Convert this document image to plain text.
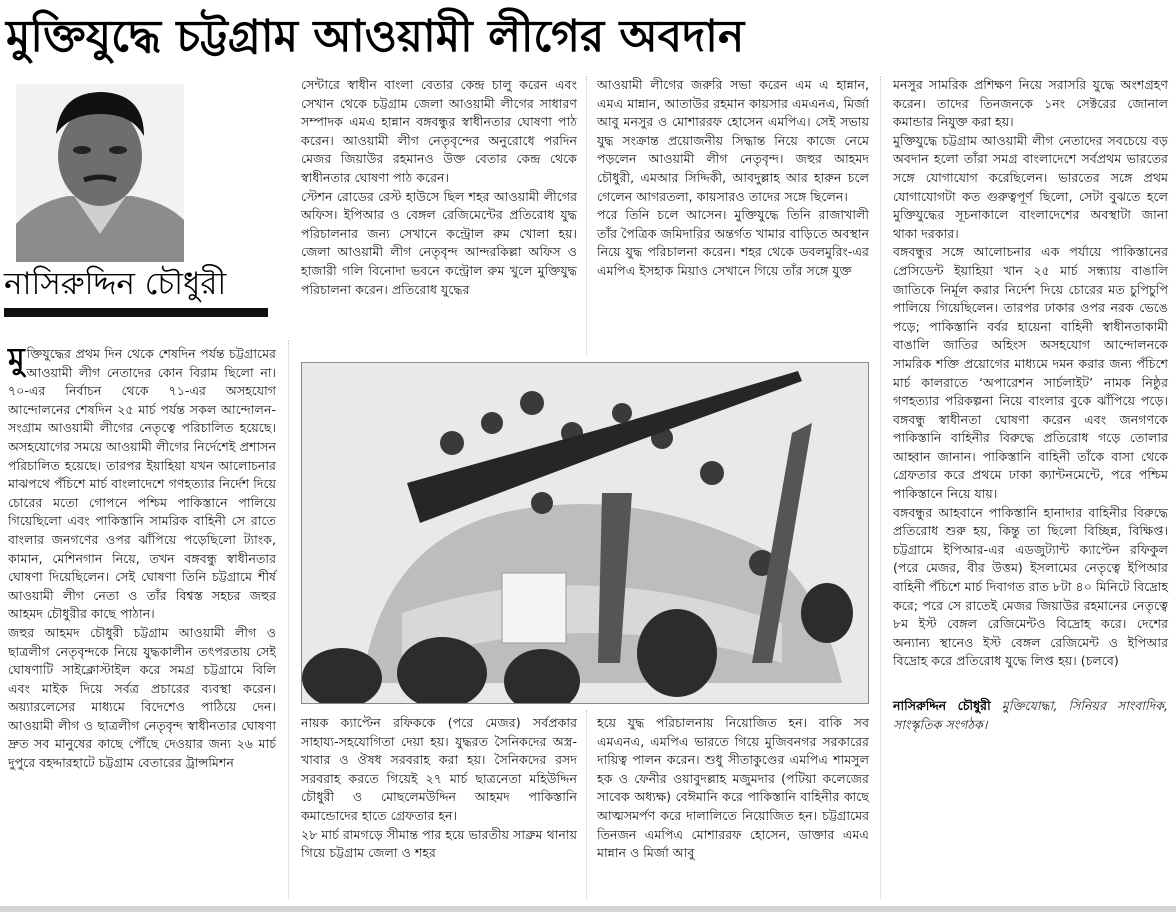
মুক্তিযুদ্ধে চট্টগ্রাম আওয়ামী লীগের অবদান
নাসিরুদ্দিন চৌধুরী

মুক্তিযুদ্ধের প্রথম দিন থেকে শেষদিন পর্যন্ত চট্টগ্রামের আওয়ামী লীগ নেতাদের কোন বিরাম ছিলো না। ৭০-এর নির্বাচন থেকে ৭১-এর অসহযোগ আন্দোলনের শেষদিন ২৫ মার্চ পর্যন্ত সকল আন্দোলন-সংগ্রাম আওয়ামী লীগের নেতৃত্বে পরিচালিত হয়েছে। অসহযোগের সময়ে আওয়ামী লীগের নির্দেশেই প্রশাসন পরিচালিত হয়েছে। তারপর ইয়াহিয়া যখন আলোচনার মাঝপথে পঁচিশে মার্চ বাংলাদেশে গণহত্যার নির্দেশ দিয়ে চোরের মতো গোপনে পশ্চিম পাকিস্তানে পালিয়ে গিয়েছিলো এবং পাকিস্তানি সামরিক বাহিনী সে রাতে বাংলার জনগণের ওপর ঝাঁপিয়ে পড়েছিলো ট্যাংক, কামান, মেশিনগান নিয়ে, তখন বঙ্গবন্ধু স্বাধীনতার ঘোষণা দিয়েছিলেন। সেই ঘোষণা তিনি চট্টগ্রামে শীর্ষ আওয়ামী লীগ নেতা ও তাঁর বিশ্বস্ত সহচর জহুর আহমদ চৌধুরীর কাছে পাঠান।

জহুর আহমদ চৌধুরী চট্টগ্রাম আওয়ামী লীগ ও ছাত্রলীগ নেতৃবৃন্দকে নিয়ে যুদ্ধকালীন তৎপরতায় সেই ঘোষণাটি সাইক্লোস্টাইল করে সমগ্র চট্টগ্রামে বিলি এবং মাইক দিয়ে সর্বত্র প্রচারের ব্যবস্থা করেন। অয়্যারলেসের মাধ্যমে বিদেশেও পাঠিয়ে দেন। আওয়ামী লীগ ও ছাত্রলীগ নেতৃবৃন্দ স্বাধীনতার ঘোষণা দ্রুত সব মানুষের কাছে পৌঁছে দেওয়ার জন্য ২৬ মার্চ দুপুরে বহদ্দারহাটে চট্টগ্রাম বেতারের ট্রান্সমিশন

সেন্টারে স্বাধীন বাংলা বেতার কেন্দ্র চালু করেন এবং সেখান থেকে চট্টগ্রাম জেলা আওয়ামী লীগের সাধারণ সম্পাদক এমএ হান্নান বঙ্গবন্ধুর স্বাধীনতার ঘোষণা পাঠ করেন। আওয়ামী লীগ নেতৃবৃন্দের অনুরোধে পরদিন মেজর জিয়াউর রহমানও উক্ত বেতার কেন্দ্র থেকে স্বাধীনতার ঘোষণা পাঠ করেন।

স্টেশন রোডের রেস্ট হাউসে ছিল শহর আওয়ামী লীগের অফিস। ইপিআর ও বেঙ্গল রেজিমেন্টের প্রতিরোধ যুদ্ধ পরিচালনার জন্য সেখানে কন্ট্রোল রুম খোলা হয়। জেলা আওয়ামী লীগ নেতৃবৃন্দ আন্দরকিল্লা অফিস ও হাজারী গলি বিনোদা ভবনে কন্ট্রোল রুম খুলে মুক্তিযুদ্ধ পরিচালনা করেন। প্রতিরোধ যুদ্ধের

আওয়ামী লীগের জরুরি সভা করেন এম এ হান্নান, এমএ মান্নান, আতাউর রহমান কায়সার এমএনএ, মির্জা আবু মনসুর ও মোশাররফ হোসেন এমপিএ। সেই সভায় যুদ্ধ সংক্রান্ত প্রয়োজনীয় সিদ্ধান্ত নিয়ে কাজে নেমে পড়লেন আওয়ামী লীগ নেতৃবৃন্দ। জহুর আহমদ চৌধুরী, এমআর সিদ্দিকী, আবদুল্লাহ আর হারুন চলে গেলেন আগরতলা, কায়সারও তাদের সঙ্গে ছিলেন।

পরে তিনি চলে আসেন। মুক্তিযুদ্ধে তিনি রাজাখালী তাঁর পৈত্রিক জমিদারির অন্তর্গত খামার বাড়িতে অবস্থান নিয়ে যুদ্ধ পরিচালনা করেন। শহর থেকে ডবলমুরিং-এর এমপিএ ইসহাক মিয়াও সেখানে গিয়ে তাঁর সঙ্গে যুক্ত

নায়ক ক্যাপ্টেন রফিককে (পরে মেজর) সর্বপ্রকার সাহায্য-সহযোগিতা দেয়া হয়। যুদ্ধরত সৈনিকদের অস্ত্র-খাবার ও ঔষধ সরবরাহ করা হয়। সৈনিকদের রসদ সরবরাহ করতে গিয়েই ২৭ মার্চ ছাত্রনেতা মহিউদ্দিন চৌধুরী ও মোছলেমউদ্দিন আহমদ পাকিস্তানি কমান্ডোদের হাতে গ্রেফতার হন।

২৮ মার্চ রামগড়ে সীমান্ত পার হয়ে ভারতীয় সাব্রুম থানায় গিয়ে চট্টগ্রাম জেলা ও শহর

হয়ে যুদ্ধ পরিচালনায় নিয়োজিত হন। বাকি সব এমএনএ, এমপিএ ভারতে গিয়ে মুজিবনগর সরকারের দায়িত্ব পালন করেন। শুধু সীতাকুণ্ডের এমপিএ শামসুল হক ও ফেনীর ওয়াবুদল্লাহ মজুমদার (পটিয়া কলেজের সাবেক অধ্যক্ষ) বেঈমানি করে পাকিস্তানি বাহিনীর কাছে আত্মসমর্পণ করে দালালিতে নিয়োজিত হন। চট্টগ্রামের তিনজন এমপিএ মোশাররফ হোসেন, ডাক্তার এমএ মান্নান ও মির্জা আবু

মনসুর সামরিক প্রশিক্ষণ নিয়ে সরাসরি যুদ্ধে অংশগ্রহণ করেন। তাদের তিনজনকে ১নং সেক্টরের জোনাল কমান্ডার নিযুক্ত করা হয়।

মুক্তিযুদ্ধে চট্টগ্রাম আওয়ামী লীগ নেতাদের সবচেয়ে বড় অবদান হলো তাঁরা সমগ্র বাংলাদেশে সর্বপ্রথম ভারতের সঙ্গে যোগাযোগ করেছিলেন। ভারতের সঙ্গে প্রথম যোগাযোগটা কত গুরুত্বপূর্ণ ছিলো, সেটা বুঝতে হলে মুক্তিযুদ্ধের সূচনাকালে বাংলাদেশের অবস্থাটা জানা থাকা দরকার।

বঙ্গবন্ধুর সঙ্গে আলোচনার এক পর্যায়ে পাকিস্তানের প্রেসিডেন্ট ইয়াহিয়া খান ২৫ মার্চ সন্ধ্যায় বাঙালি জাতিকে নির্মূল করার নির্দেশ দিয়ে চোরের মত চুপিচুপি পালিয়ে গিয়েছিলেন। তারপর ঢাকার ওপর নরক ভেঙে পড়ে; পাকিস্তানি বর্বর হায়েনা বাহিনী স্বাধীনতাকামী বাঙালি জাতির অহিংস অসহযোগ আন্দোলনকে সামরিক শক্তি প্রয়োগের মাধ্যমে দমন করার জন্য পঁচিশে মার্চ কালরাতে ‘অপারেশন সার্চলাইট’ নামক নিষ্ঠুর গণহত্যার পরিকল্পনা নিয়ে বাংলার বুকে ঝাঁপিয়ে পড়ে। বঙ্গবন্ধু স্বাধীনতা ঘোষণা করেন এবং জনগণকে পাকিস্তানি বাহিনীর বিরুদ্ধে প্রতিরোধ গড়ে তোলার আহ্বান জানান। পাকিস্তানি বাহিনী তাঁকে বাসা থেকে গ্রেফতার করে প্রথমে ঢাকা ক্যান্টনমেন্টে, পরে পশ্চিম পাকিস্তানে নিয়ে যায়।

বঙ্গবন্ধুর আহবানে পাকিস্তানি হানাদার বাহিনীর বিরুদ্ধে প্রতিরোধ শুরু হয়, কিন্তু তা ছিলো বিচ্ছিন্ন, বিক্ষিপ্ত। চট্টগ্রামে ইপিআর-এর এডজুট্যান্ট ক্যাপ্টেন রফিকুল (পরে মেজর, বীর উত্তম) ইসলামের নেতৃত্বে ইপিআর বাহিনী পঁচিশে মার্চ দিবাগত রাত ৮টা ৪০ মিনিটে বিদ্রোহ করে; পরে সে রাতেই মেজর জিয়াউর রহমানের নেতৃত্বে ৮ম ইস্ট বেঙ্গল রেজিমেন্টও বিদ্রোহ করে। দেশের অন্যান্য স্থানেও ইস্ট বেঙ্গল রেজিমেন্ট ও ইপিআর বিদ্রোহ করে প্রতিরোধ যুদ্ধে লিপ্ত হয়। (চলবে)

নাসিরুদ্দিন চৌধুরী মুক্তিযোদ্ধা, সিনিয়র সাংবাদিক, সাংস্কৃতিক সংগঠক।
